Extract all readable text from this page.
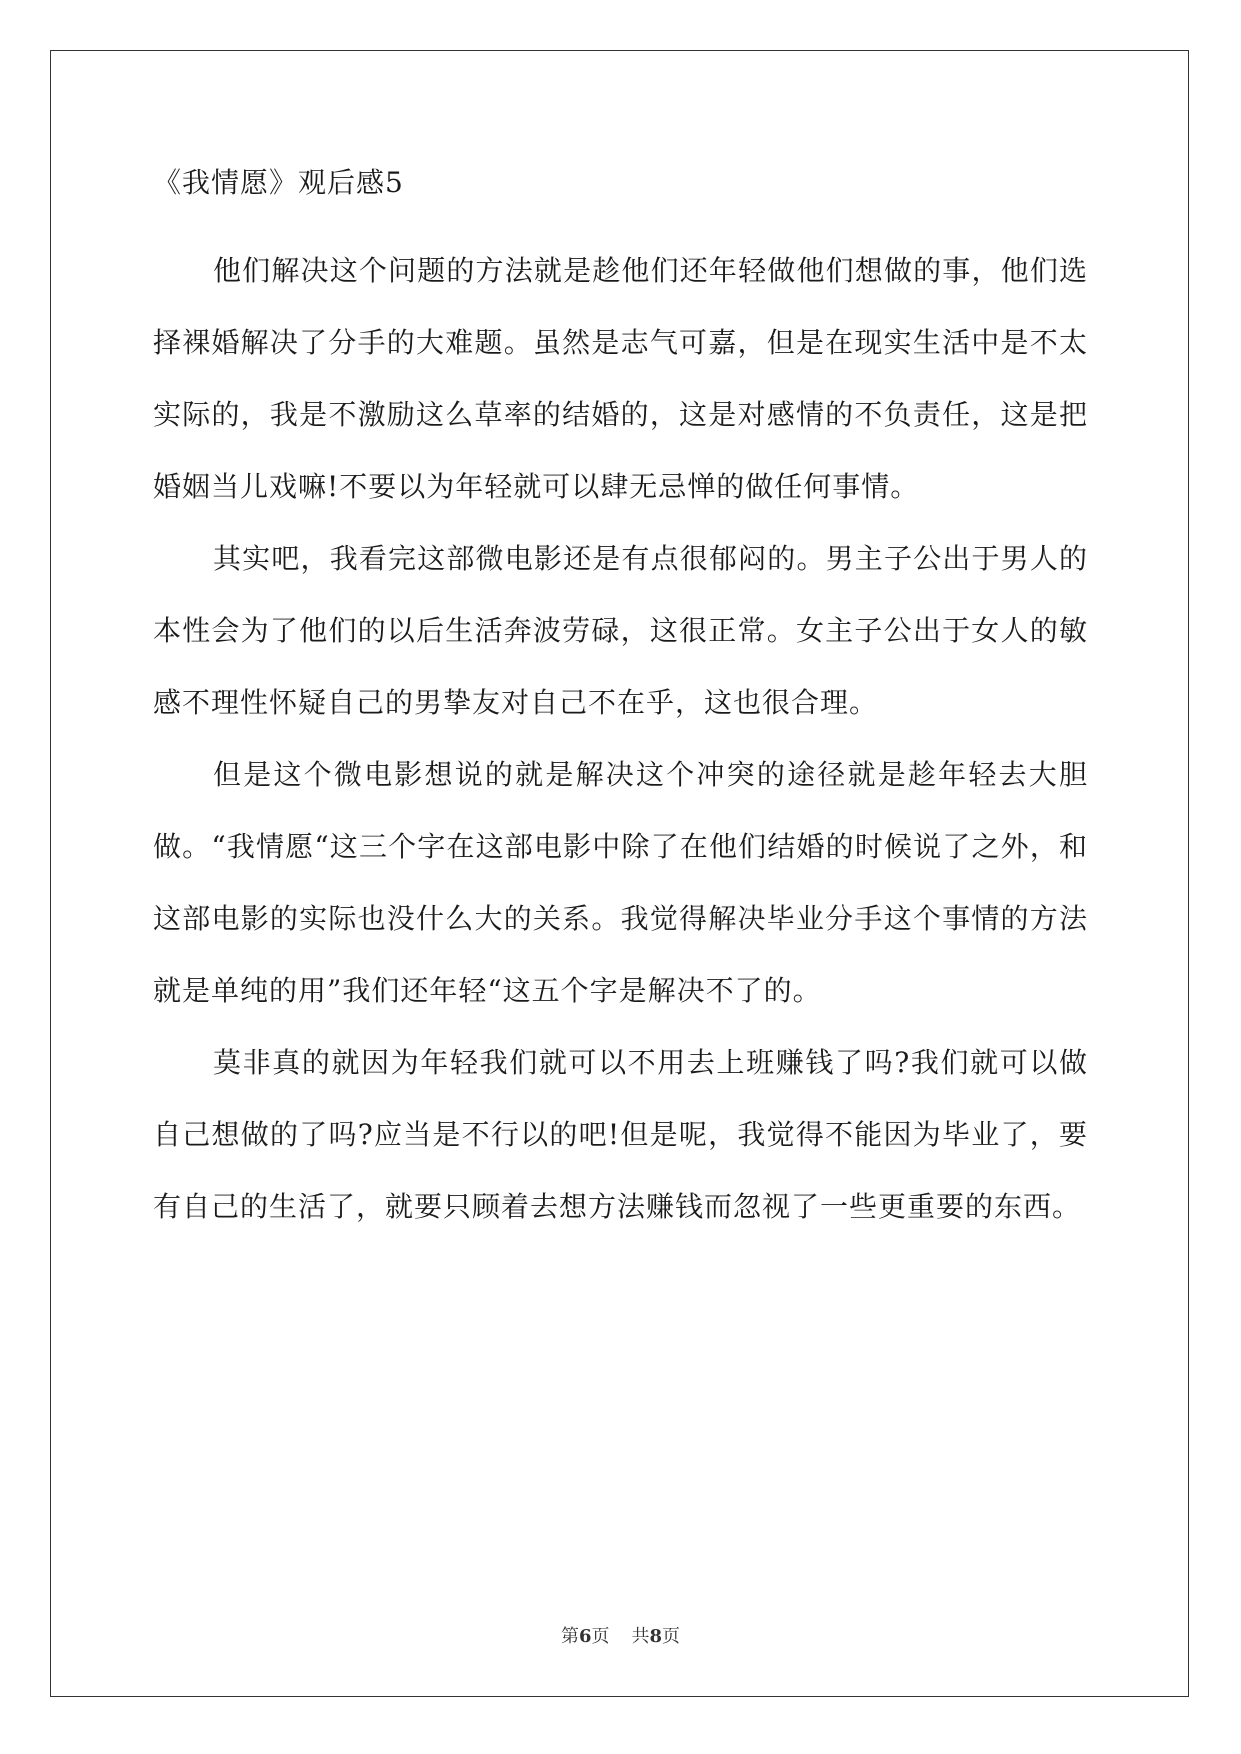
《我情愿》观后感5

他们解决这个问题的方法就是趁他们还年轻做他们想做的事，他们选择裸婚解决了分手的大难题。虽然是志气可嘉，但是在现实生活中是不太实际的，我是不激励这么草率的结婚的，这是对感情的不负责任，这是把婚姻当儿戏嘛!不要以为年轻就可以肆无忌惮的做任何事情。

其实吧，我看完这部微电影还是有点很郁闷的。男主子公出于男人的本性会为了他们的以后生活奔波劳碌，这很正常。女主子公出于女人的敏感不理性怀疑自己的男挚友对自己不在乎，这也很合理。

但是这个微电影想说的就是解决这个冲突的途径就是趁年轻去大胆做。“我情愿“这三个字在这部电影中除了在他们结婚的时候说了之外，和这部电影的实际也没什么大的关系。我觉得解决毕业分手这个事情的方法就是单纯的用”我们还年轻“这五个字是解决不了的。

莫非真的就因为年轻我们就可以不用去上班赚钱了吗?我们就可以做自己想做的了吗?应当是不行以的吧!但是呢，我觉得不能因为毕业了，要有自己的生活了，就要只顾着去想方法赚钱而忽视了一些更重要的东西。

第6页 共8页
